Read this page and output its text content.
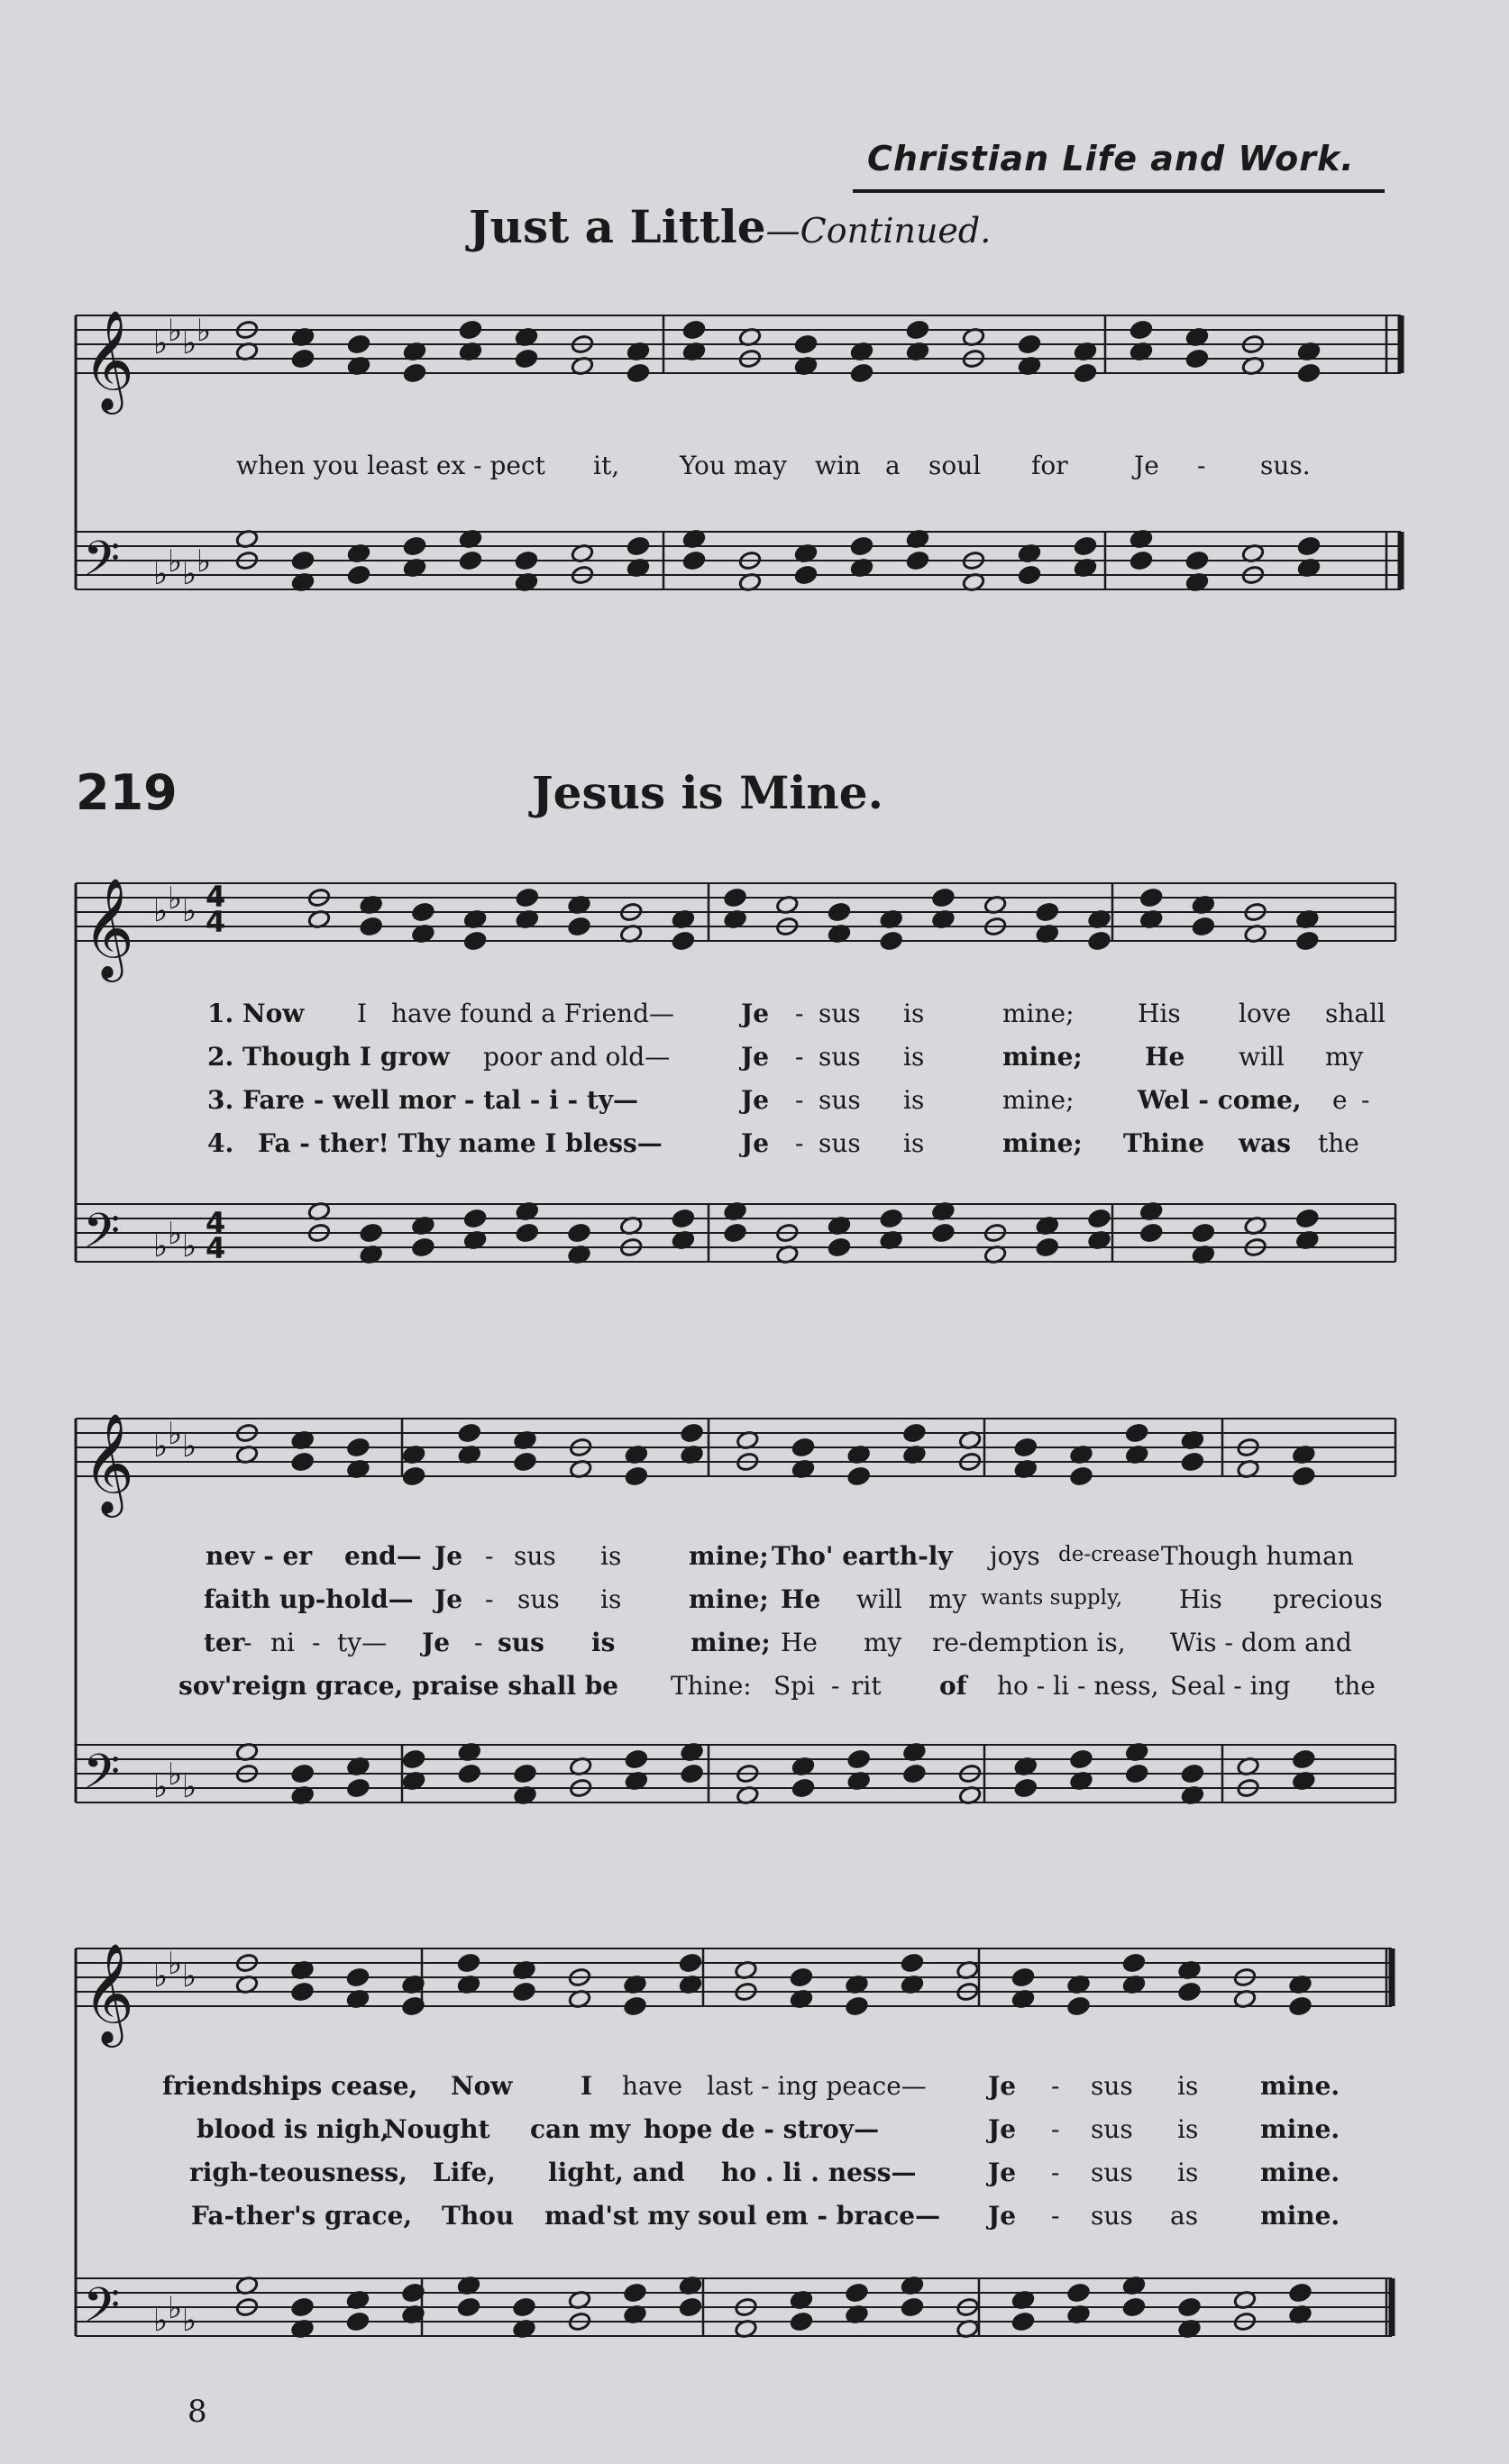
Christian Life and Work.
Just a Little—Continued.
𝄞
𝄢
♭
♭
♭
♭
♭
♭
♭
♭
𝄞
𝄢
♭
♭
♭
♭
♭
♭
𝄞
𝄢
♭
♭
♭
♭
♭
♭
𝄞
𝄢
♭
♭
♭
♭
♭
♭
when you least ex - pect it, You may win a soul for	Je - sus.
219	Jesus is Mine.
1. Now I have found a Friend—	Je - sus is	mine;	His love shall
2. Though I grow poor and old—	Je - sus is	mine; He will my
3. Fare - well mor - tal - i - ty—	Je - sus is	mine;	Wel - come, e -
4. Fa - ther! Thy name I bless—	Je - sus is	mine; Thine was the
nev - er end— Je - sus is	mine; Tho' earth-ly joys de-crease Though human
faith up-hold— Je - sus is	mine; He will my wants supply, His precious
ter
- ni - ty— Je - sus is	mine; He my re-demption is, Wis - dom and
sov'reign grace, praise shall be Thine: Spi - rit of ho - li - ness, Seal - ing the
friendships cease, Now	I have last - ing peace— Je - sus is mine.
blood is nigh,
Nought can my hope de - stroy—	Je - sus is mine.
righ-teousness, Life, light, and ho . li . ness—	Je - sus is mine.
Fa-ther's grace, Thou mad'st my soul em - brace— Je - sus as mine.
4
4
4
4
8
